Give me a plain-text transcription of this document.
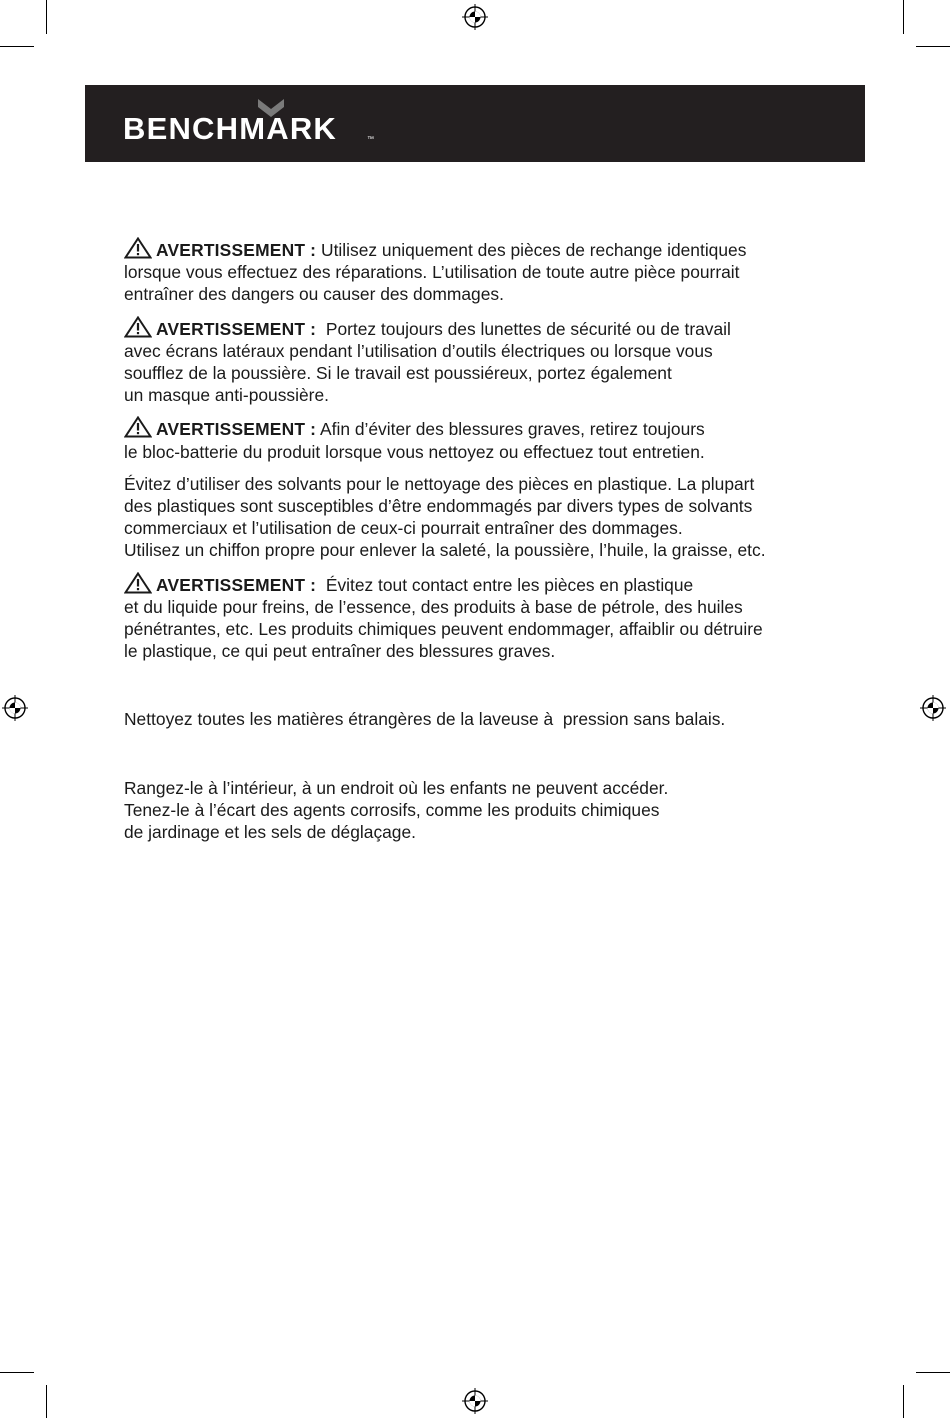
BENCHMARK	™
AVERTISSEMENT : Utilisez uniquement des pièces de rechange identiques
lorsque vous effectuez des réparations. L’utilisation de toute autre pièce pourrait
entraîner des dangers ou causer des dommages.
AVERTISSEMENT : Portez toujours des lunettes de sécurité ou de travail
avec écrans latéraux pendant l’utilisation d’outils électriques ou lorsque vous
soufflez de la poussière. Si le travail est poussiéreux, portez également
un masque anti-poussière.
AVERTISSEMENT : Afin d’éviter des blessures graves, retirez toujours
le bloc-batterie du produit lorsque vous nettoyez ou effectuez tout entretien.
Évitez d’utiliser des solvants pour le nettoyage des pièces en plastique. La plupart
des plastiques sont susceptibles d’être endommagés par divers types de solvants
commerciaux et l’utilisation de ceux-ci pourrait entraîner des dommages.
Utilisez un chiffon propre pour enlever la saleté, la poussière, l’huile, la graisse, etc.
AVERTISSEMENT : Évitez tout contact entre les pièces en plastique
et du liquide pour freins, de l’essence, des produits à base de pétrole, des huiles
pénétrantes, etc. Les produits chimiques peuvent endommager, affaiblir ou détruire
le plastique, ce qui peut entraîner des blessures graves.
Nettoyez toutes les matières étrangères de la laveuse à  pression sans balais.
Rangez-le à l’intérieur, à un endroit où les enfants ne peuvent accéder.
Tenez-le à l’écart des agents corrosifs, comme les produits chimiques
de jardinage et les sels de déglaçage.
